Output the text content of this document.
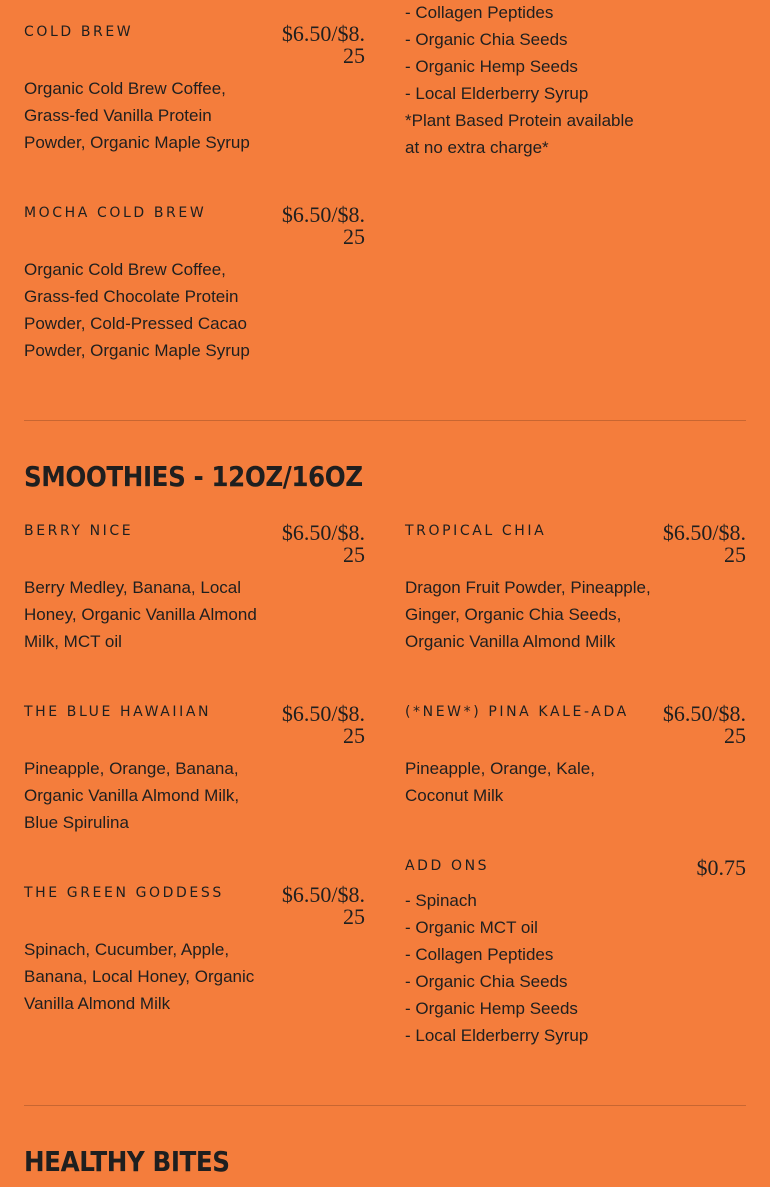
COLD BREW	$6.50/$8.
25
Organic Cold Brew Coffee,
Grass-fed Vanilla Protein
Powder, Organic Maple Syrup
MOCHA COLD BREW	$6.50/$8.
25
Organic Cold Brew Coffee,
Grass-fed Chocolate Protein
Powder, Cold-Pressed Cacao
Powder, Organic Maple Syrup
- Collagen Peptides
- Organic Chia Seeds
- Organic Hemp Seeds
- Local Elderberry Syrup
*Plant Based Protein available
at no extra charge*
SMOOTHIES - 12OZ/16OZ
BERRY NICE	$6.50/$8.
25
Berry Medley, Banana, Local
Honey, Organic Vanilla Almond
Milk, MCT oil
TROPICAL CHIA	$6.50/$8.
25
Dragon Fruit Powder, Pineapple,
Ginger, Organic Chia Seeds,
Organic Vanilla Almond Milk
THE BLUE HAWAIIAN	$6.50/$8.
25
Pineapple, Orange, Banana,
Organic Vanilla Almond Milk,
Blue Spirulina
(*NEW*) PINA KALE-ADA	$6.50/$8.
25
Pineapple, Orange, Kale,
Coconut Milk
THE GREEN GODDESS	$6.50/$8.
25
Spinach, Cucumber, Apple,
Banana, Local Honey, Organic
Vanilla Almond Milk
ADD ONS	$0.75
- Spinach
- Organic MCT oil
- Collagen Peptides
- Organic Chia Seeds
- Organic Hemp Seeds
- Local Elderberry Syrup
HEALTHY BITES
